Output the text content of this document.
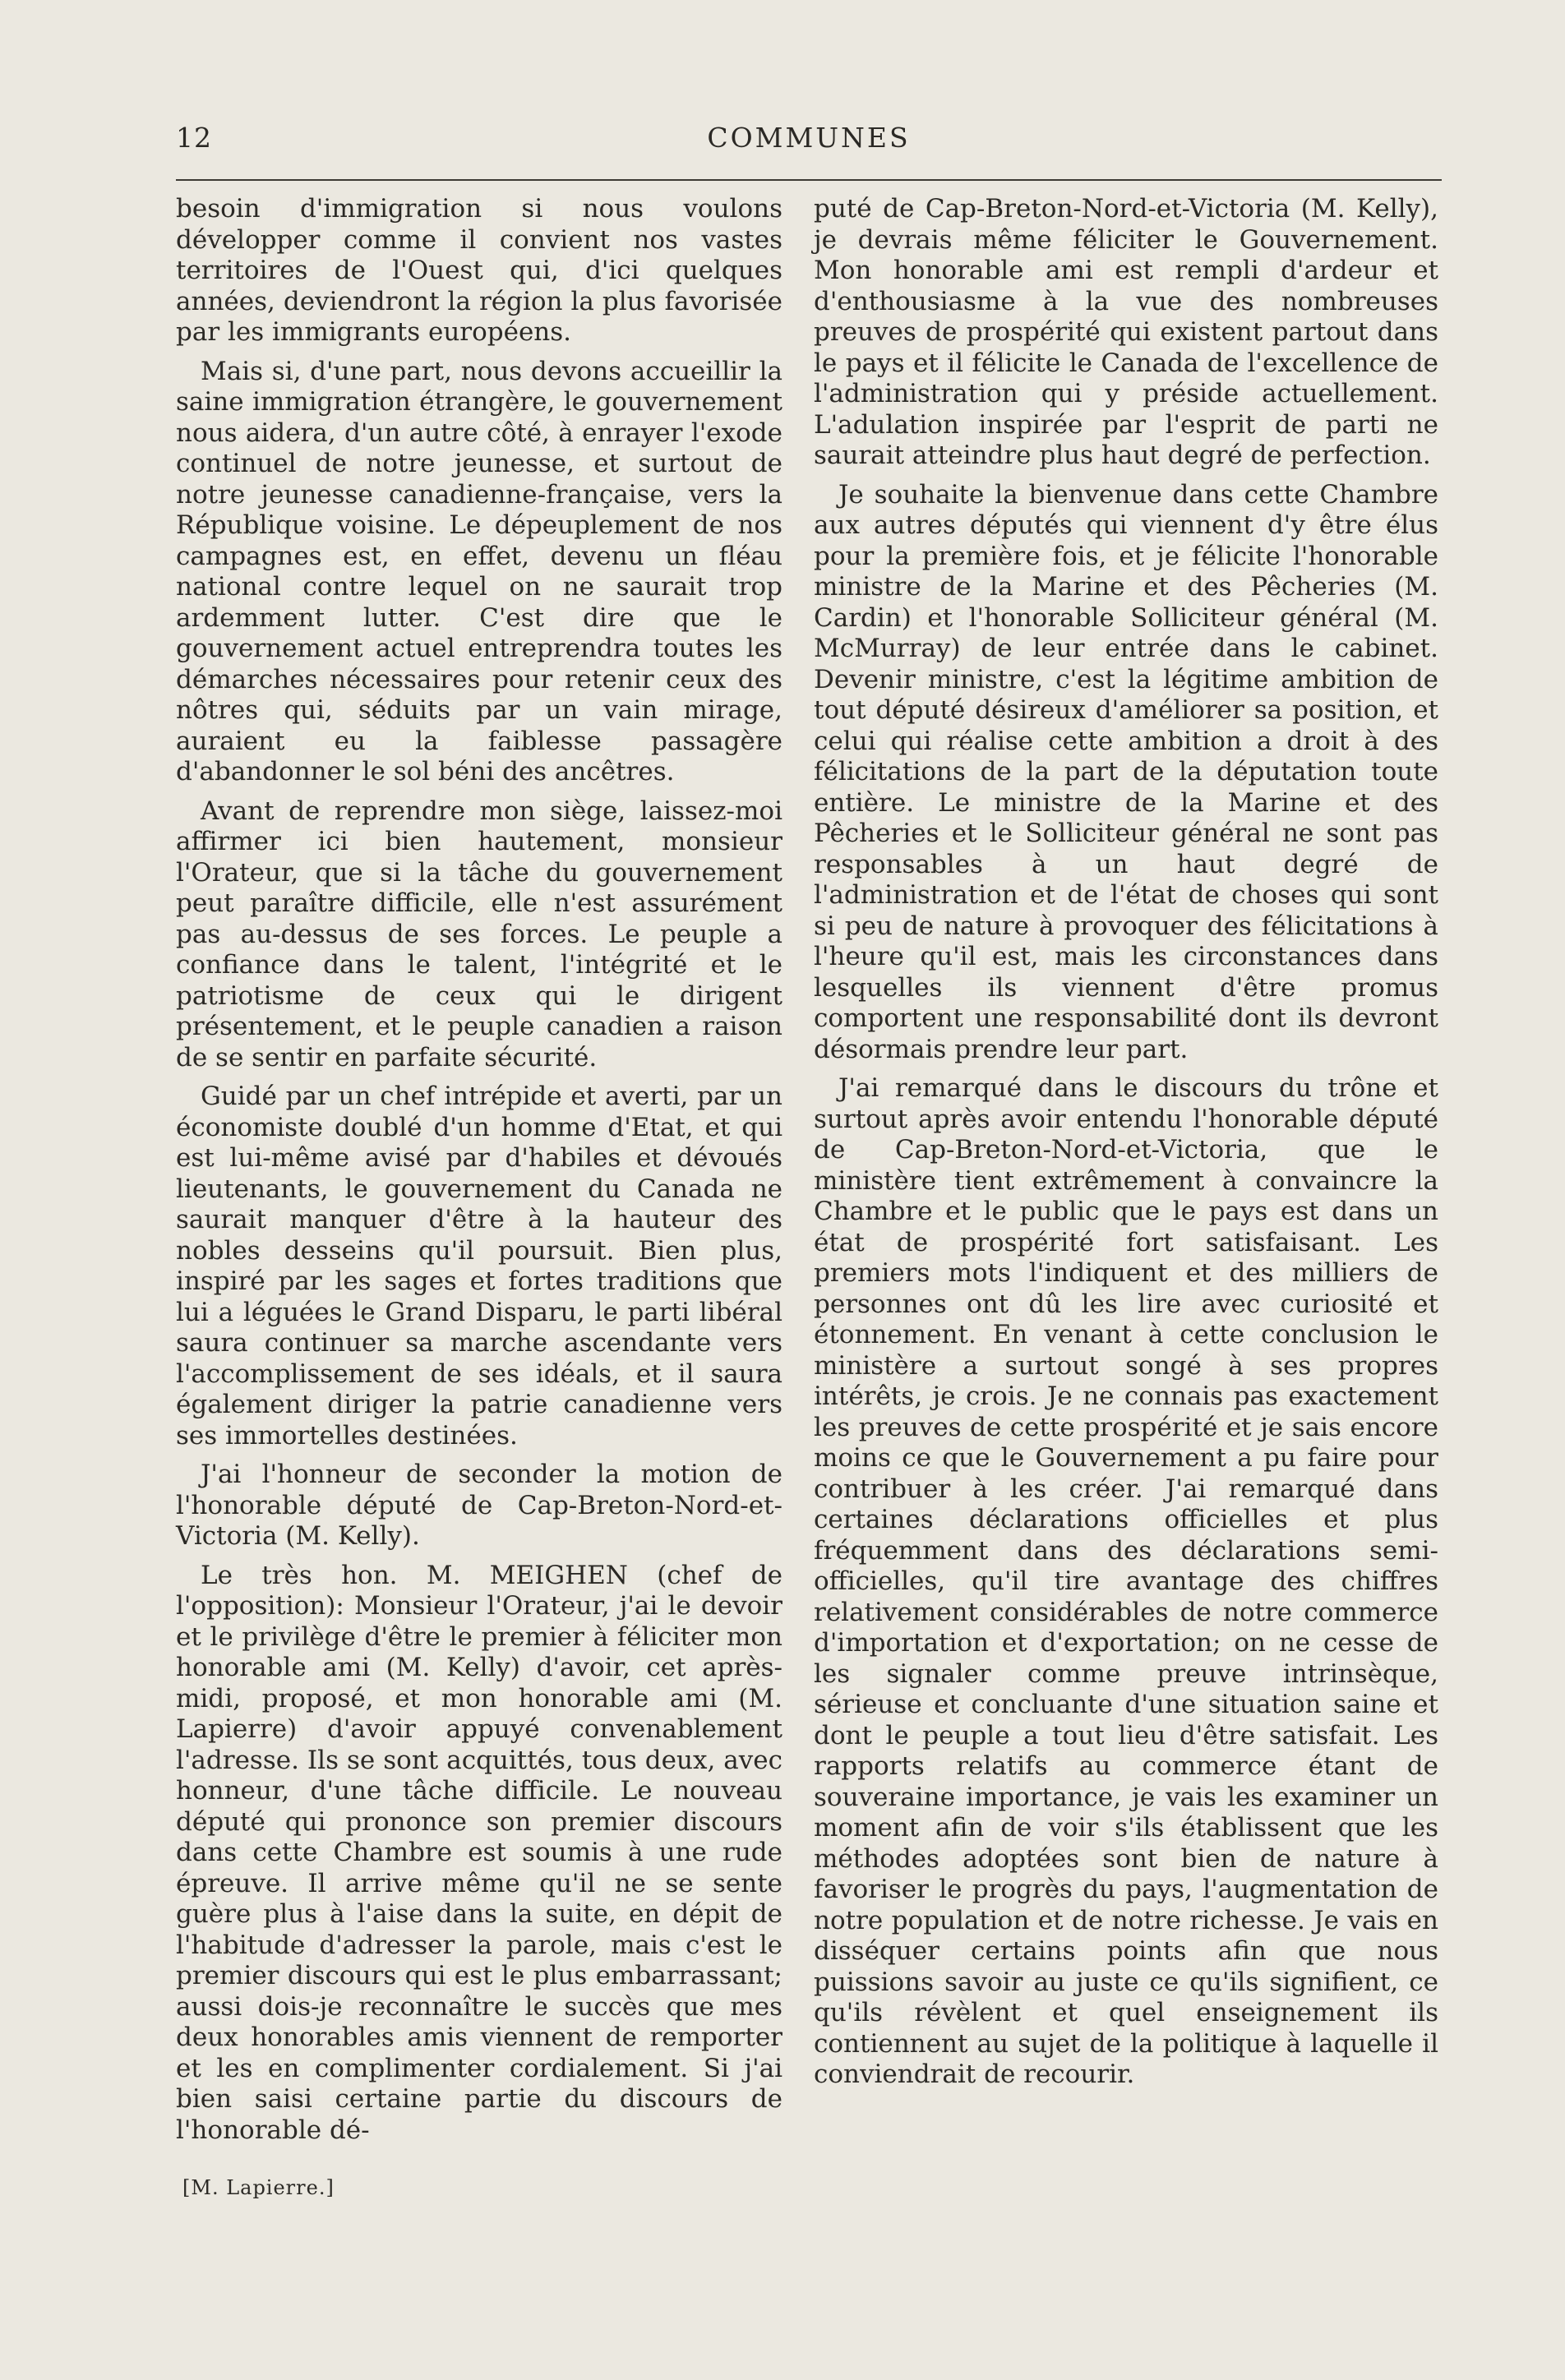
12	COMMUNES

besoin d'immigration si nous voulons développer comme il convient nos vastes territoires de l'Ouest qui, d'ici quelques années, deviendront la région la plus favorisée par les immigrants européens.

Mais si, d'une part, nous devons accueillir la saine immigration étrangère, le gouvernement nous aidera, d'un autre côté, à enrayer l'exode continuel de notre jeunesse, et surtout de notre jeunesse canadienne-française, vers la République voisine. Le dépeuplement de nos campagnes est, en effet, devenu un fléau national contre lequel on ne saurait trop ardemment lutter. C'est dire que le gouvernement actuel entreprendra toutes les démarches nécessaires pour retenir ceux des nôtres qui, séduits par un vain mirage, auraient eu la faiblesse passagère d'abandonner le sol béni des ancêtres.

Avant de reprendre mon siège, laissez-moi affirmer ici bien hautement, monsieur l'Orateur, que si la tâche du gouvernement peut paraître difficile, elle n'est assurément pas au-dessus de ses forces. Le peuple a confiance dans le talent, l'intégrité et le patriotisme de ceux qui le dirigent présentement, et le peuple canadien a raison de se sentir en parfaite sécurité.

Guidé par un chef intrépide et averti, par un économiste doublé d'un homme d'Etat, et qui est lui-même avisé par d'habiles et dévoués lieutenants, le gouvernement du Canada ne saurait manquer d'être à la hauteur des nobles desseins qu'il poursuit. Bien plus, inspiré par les sages et fortes traditions que lui a léguées le Grand Disparu, le parti libéral saura continuer sa marche ascendante vers l'accomplissement de ses idéals, et il saura également diriger la patrie canadienne vers ses immortelles destinées.

J'ai l'honneur de seconder la motion de l'honorable député de Cap-Breton-Nord-et-Victoria (M. Kelly).

Le très hon. M. MEIGHEN (chef de l'opposition): Monsieur l'Orateur, j'ai le devoir et le privilège d'être le premier à féliciter mon honorable ami (M. Kelly) d'avoir, cet après-midi, proposé, et mon honorable ami (M. Lapierre) d'avoir appuyé convenablement l'adresse. Ils se sont acquittés, tous deux, avec honneur, d'une tâche difficile. Le nouveau député qui prononce son premier discours dans cette Chambre est soumis à une rude épreuve. Il arrive même qu'il ne se sente guère plus à l'aise dans la suite, en dépit de l'habitude d'adresser la parole, mais c'est le premier discours qui est le plus embarrassant; aussi dois-je reconnaître le succès que mes deux honorables amis viennent de remporter et les en complimenter cordialement. Si j'ai bien saisi certaine partie du discours de l'honorable dé-

[M. Lapierre.]

puté de Cap-Breton-Nord-et-Victoria (M. Kelly), je devrais même féliciter le Gouvernement. Mon honorable ami est rempli d'ardeur et d'enthousiasme à la vue des nombreuses preuves de prospérité qui existent partout dans le pays et il félicite le Canada de l'excellence de l'administration qui y préside actuellement. L'adulation inspirée par l'esprit de parti ne saurait atteindre plus haut degré de perfection.

Je souhaite la bienvenue dans cette Chambre aux autres députés qui viennent d'y être élus pour la première fois, et je félicite l'honorable ministre de la Marine et des Pêcheries (M. Cardin) et l'honorable Solliciteur général (M. McMurray) de leur entrée dans le cabinet. Devenir ministre, c'est la légitime ambition de tout député désireux d'améliorer sa position, et celui qui réalise cette ambition a droit à des félicitations de la part de la députation toute entière. Le ministre de la Marine et des Pêcheries et le Solliciteur général ne sont pas responsables à un haut degré de l'administration et de l'état de choses qui sont si peu de nature à provoquer des félicitations à l'heure qu'il est, mais les circonstances dans lesquelles ils viennent d'être promus comportent une responsabilité dont ils devront désormais prendre leur part.

J'ai remarqué dans le discours du trône et surtout après avoir entendu l'honorable député de Cap-Breton-Nord-et-Victoria, que le ministère tient extrêmement à convaincre la Chambre et le public que le pays est dans un état de prospérité fort satisfaisant. Les premiers mots l'indiquent et des milliers de personnes ont dû les lire avec curiosité et étonnement. En venant à cette conclusion le ministère a surtout songé à ses propres intérêts, je crois. Je ne connais pas exactement les preuves de cette prospérité et je sais encore moins ce que le Gouvernement a pu faire pour contribuer à les créer. J'ai remarqué dans certaines déclarations officielles et plus fréquemment dans des déclarations semi-officielles, qu'il tire avantage des chiffres relativement considérables de notre commerce d'importation et d'exportation; on ne cesse de les signaler comme preuve intrinsèque, sérieuse et concluante d'une situation saine et dont le peuple a tout lieu d'être satisfait. Les rapports relatifs au commerce étant de souveraine importance, je vais les examiner un moment afin de voir s'ils établissent que les méthodes adoptées sont bien de nature à favoriser le progrès du pays, l'augmentation de notre population et de notre richesse. Je vais en disséquer certains points afin que nous puissions savoir au juste ce qu'ils signifient, ce qu'ils révèlent et quel enseignement ils contiennent au sujet de la politique à laquelle il conviendrait de recourir.
